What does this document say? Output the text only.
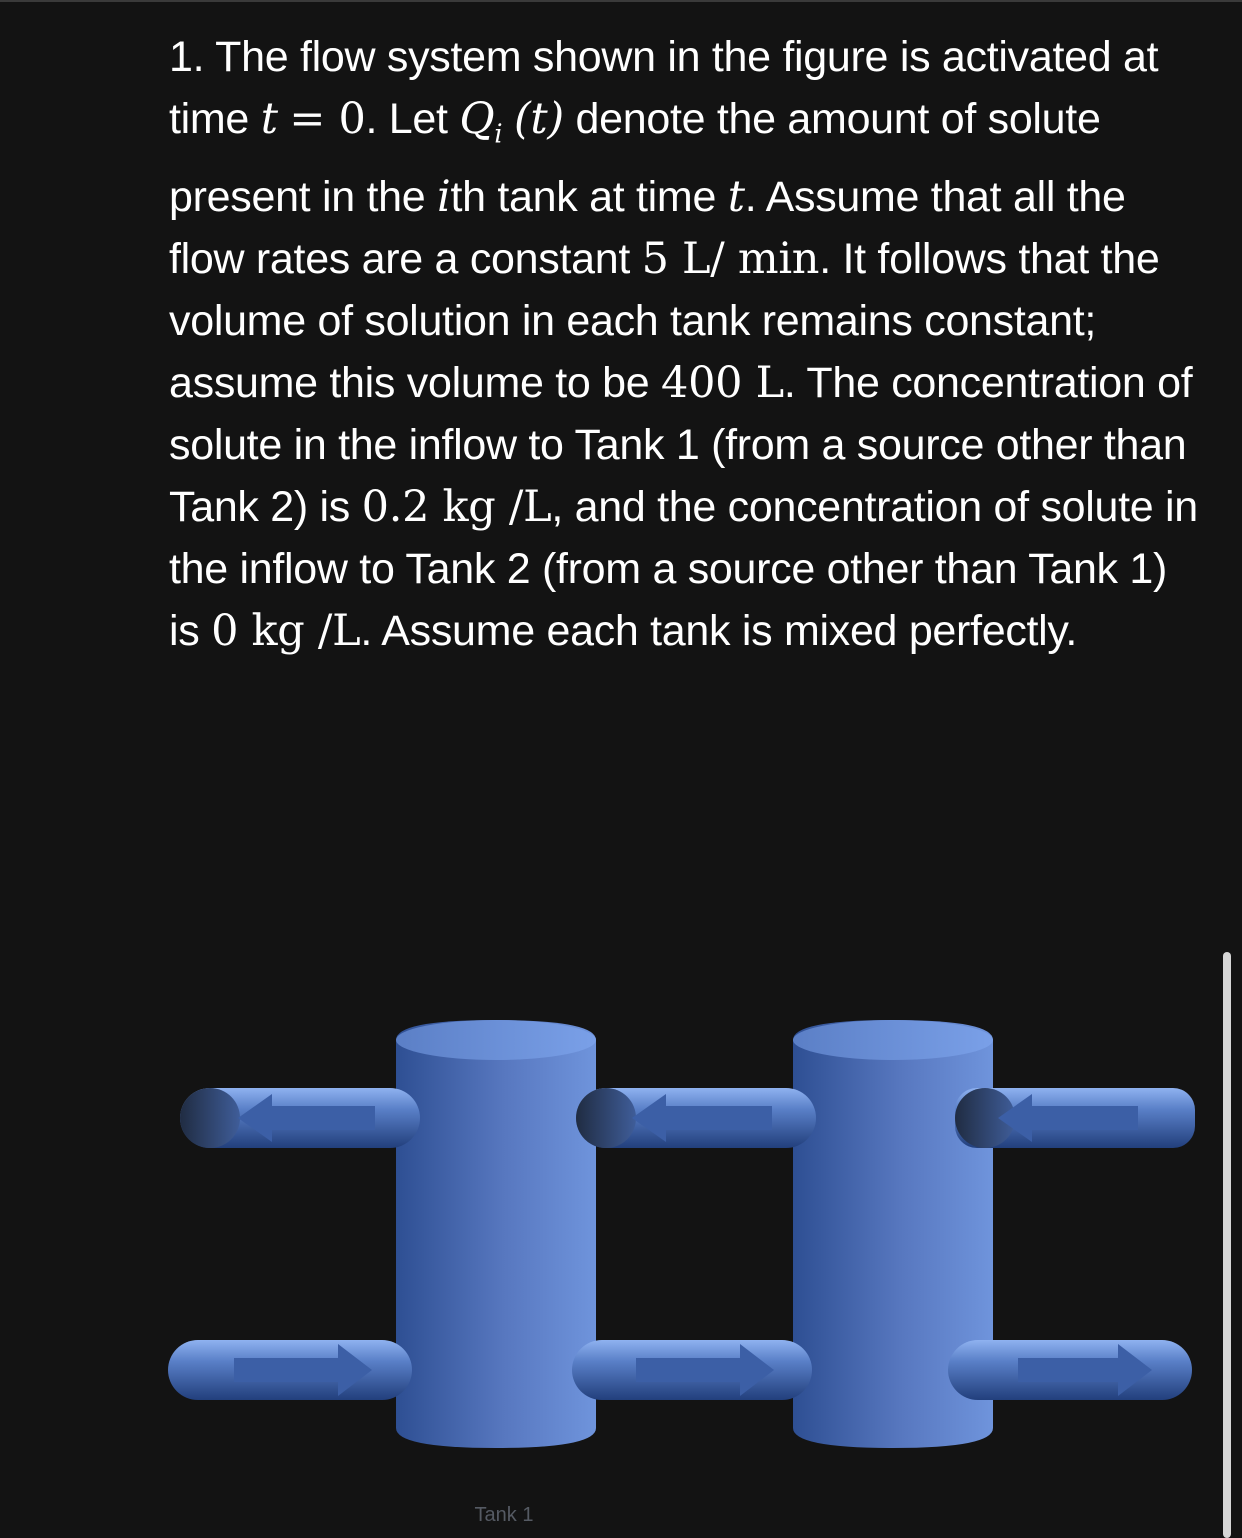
1. The flow system shown in the figure is activated at time t = 0. Let $Q_i$ (t) denote the amount of solute present in the ith tank at time t. Assume that all the flow rates are a constant 5 L/ min. It follows that the volume of solution in each tank remains constant; assume this volume to be 400 L. The concentration of solute in the inflow to Tank 1 (from a source other than Tank 2) is 0.2 kg /L, and the concentration of solute in the inflow to Tank 2 (from a source other than Tank 1) is 0 kg /L. Assume each tank is mixed perfectly.
Tank 1
